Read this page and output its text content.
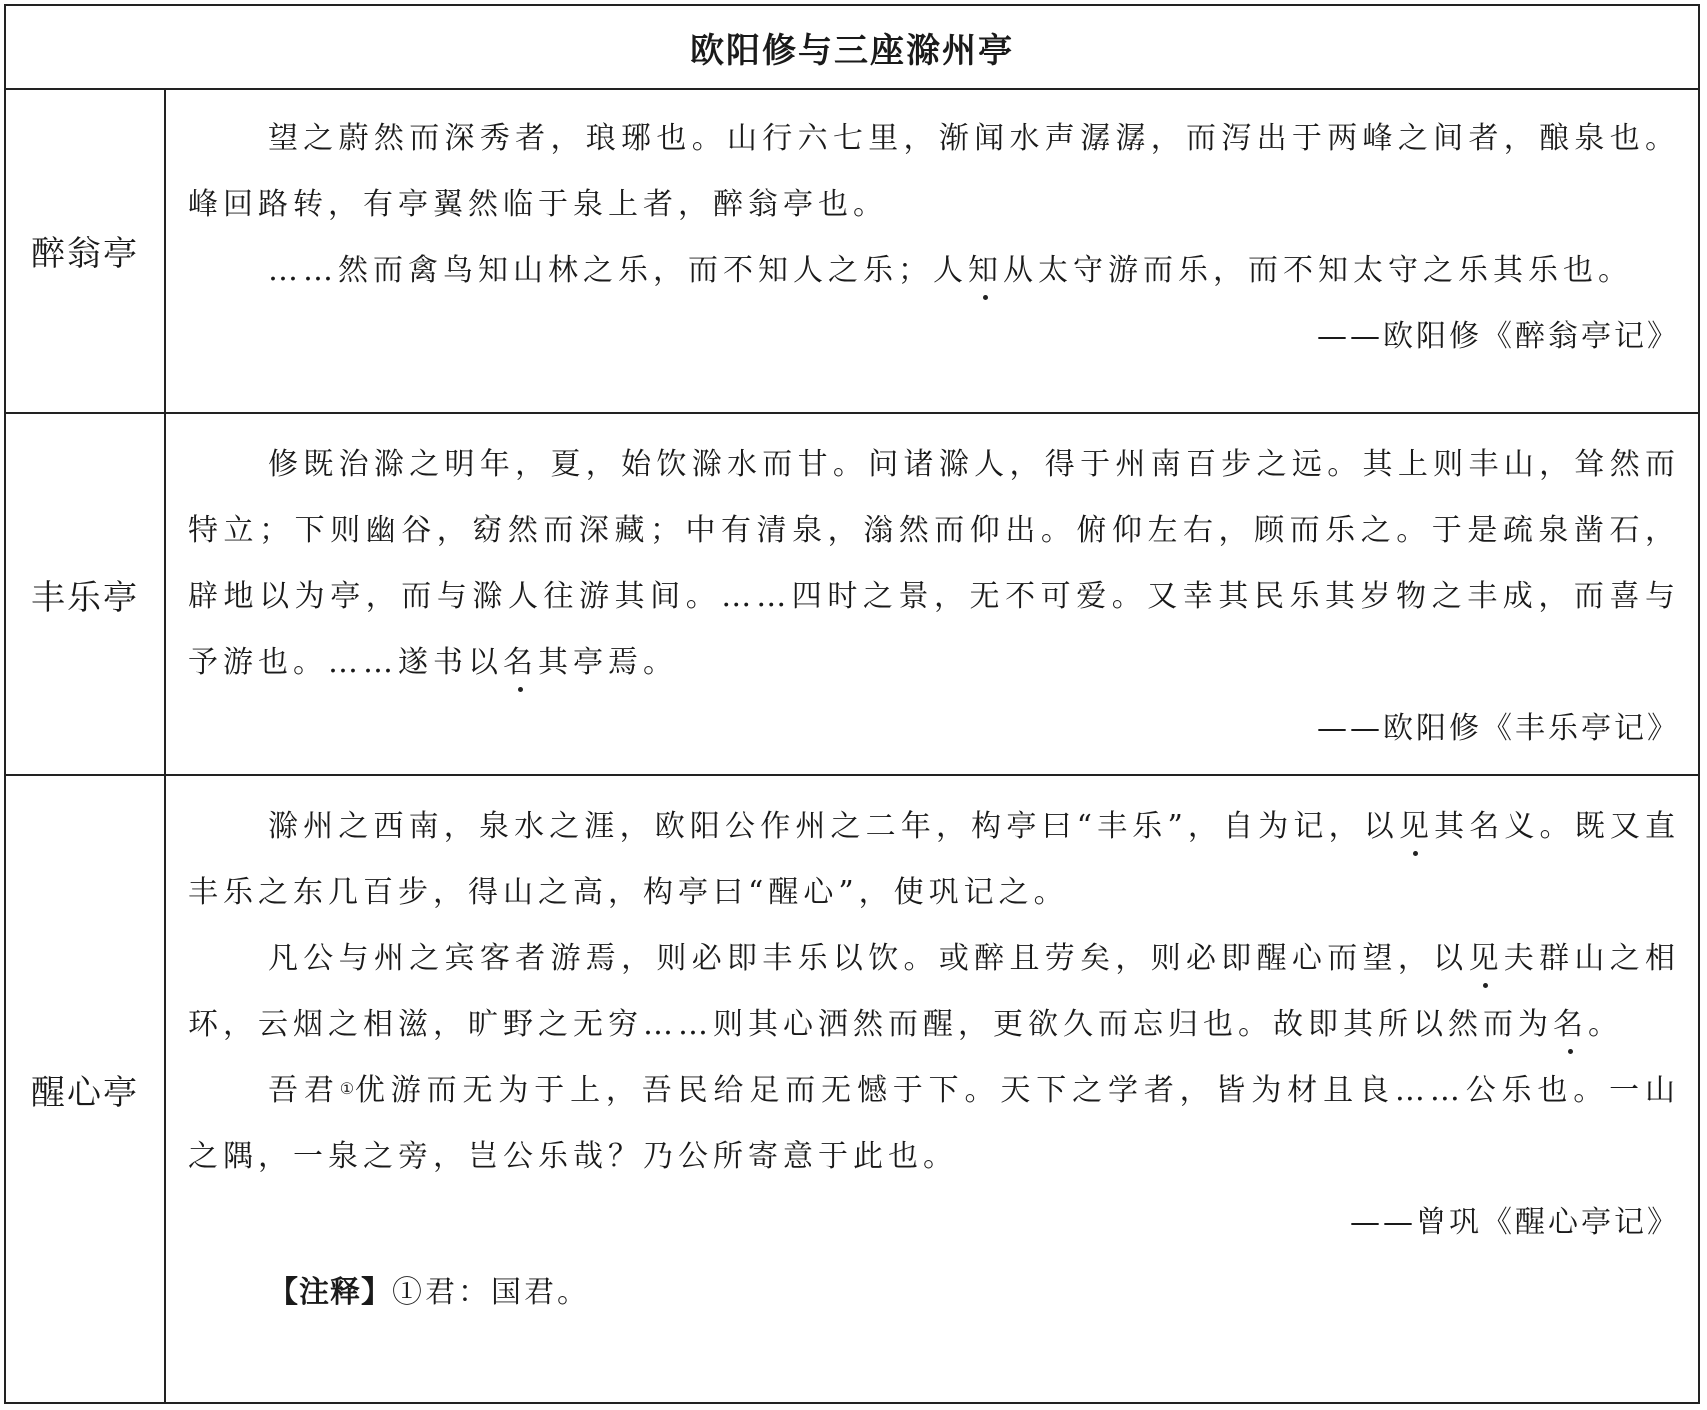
欧阳修与三座滁州亭
醉翁亭

望之蔚然而深秀者，琅琊也。山行六七里，渐闻水声潺潺，而泻出于两峰之间者，酿泉也。峰回路转，有亭翼然临于泉上者，醉翁亭也。

……然而禽鸟知山林之乐，而不知人之乐；人知从太守游而乐，而不知太守之乐其乐也。

——欧阳修《醉翁亭记》

丰乐亭

修既治滁之明年，夏，始饮滁水而甘。问诸滁人，得于州南百步之远。其上则丰山，耸然而特立；下则幽谷，窈然而深藏；中有清泉，滃然而仰出。俯仰左右，顾而乐之。于是疏泉凿石，辟地以为亭，而与滁人往游其间。……四时之景，无不可爱。又幸其民乐其岁物之丰成，而喜与予游也。……遂书以名其亭焉。

——欧阳修《丰乐亭记》

醒心亭

滁州之西南，泉水之涯，欧阳公作州之二年，构亭曰“丰乐”，自为记，以见其名义。既又直丰乐之东几百步，得山之高，构亭曰“醒心”，使巩记之。

凡公与州之宾客者游焉，则必即丰乐以饮。或醉且劳矣，则必即醒心而望，以见夫群山之相环，云烟之相滋，旷野之无穷……则其心洒然而醒，更欲久而忘归也。故即其所以然而为名。

吾君①优游而无为于上，吾民给足而无憾于下。天下之学者，皆为材且良……公乐也。一山之隅，一泉之旁，岂公乐哉？乃公所寄意于此也。

——曾巩《醒心亭记》

【注释】①君：国君。
